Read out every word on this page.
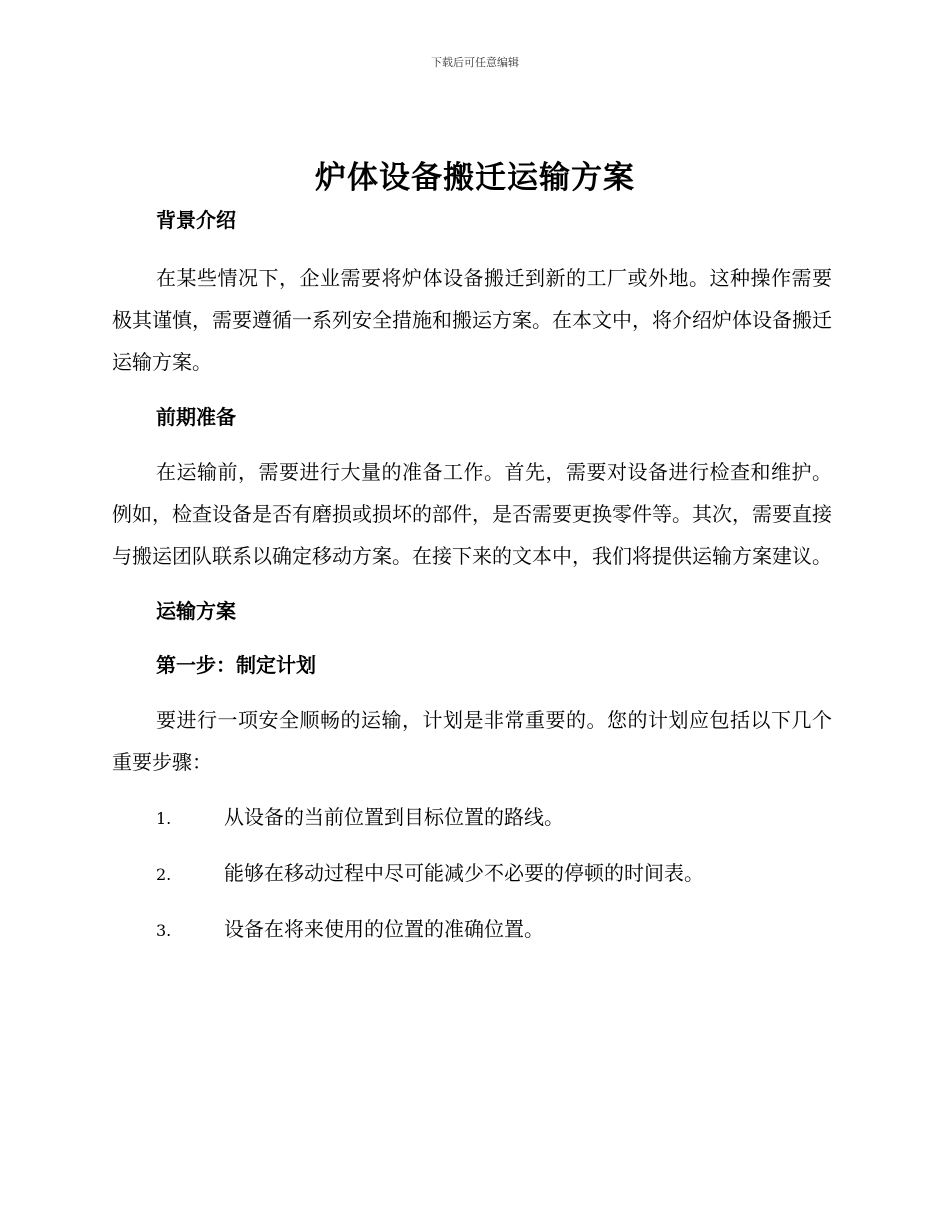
下载后可任意编辑
炉体设备搬迁运输方案
背景介绍

在某些情况下，企业需要将炉体设备搬迁到新的工厂或外地。这种操作需要极其谨慎，需要遵循一系列安全措施和搬运方案。在本文中，将介绍炉体设备搬迁运输方案。

前期准备

在运输前，需要进行大量的准备工作。首先，需要对设备进行检查和维护。例如，检查设备是否有磨损或损坏的部件，是否需要更换零件等。其次，需要直接与搬运团队联系以确定移动方案。在接下来的文本中，我们将提供运输方案建议。

运输方案
第一步：制定计划

要进行一项安全顺畅的运输，计划是非常重要的。您的计划应包括以下几个重要步骤：

1.	从设备的当前位置到目标位置的路线。
2.	能够在移动过程中尽可能减少不必要的停顿的时间表。
3.	设备在将来使用的位置的准确位置。
